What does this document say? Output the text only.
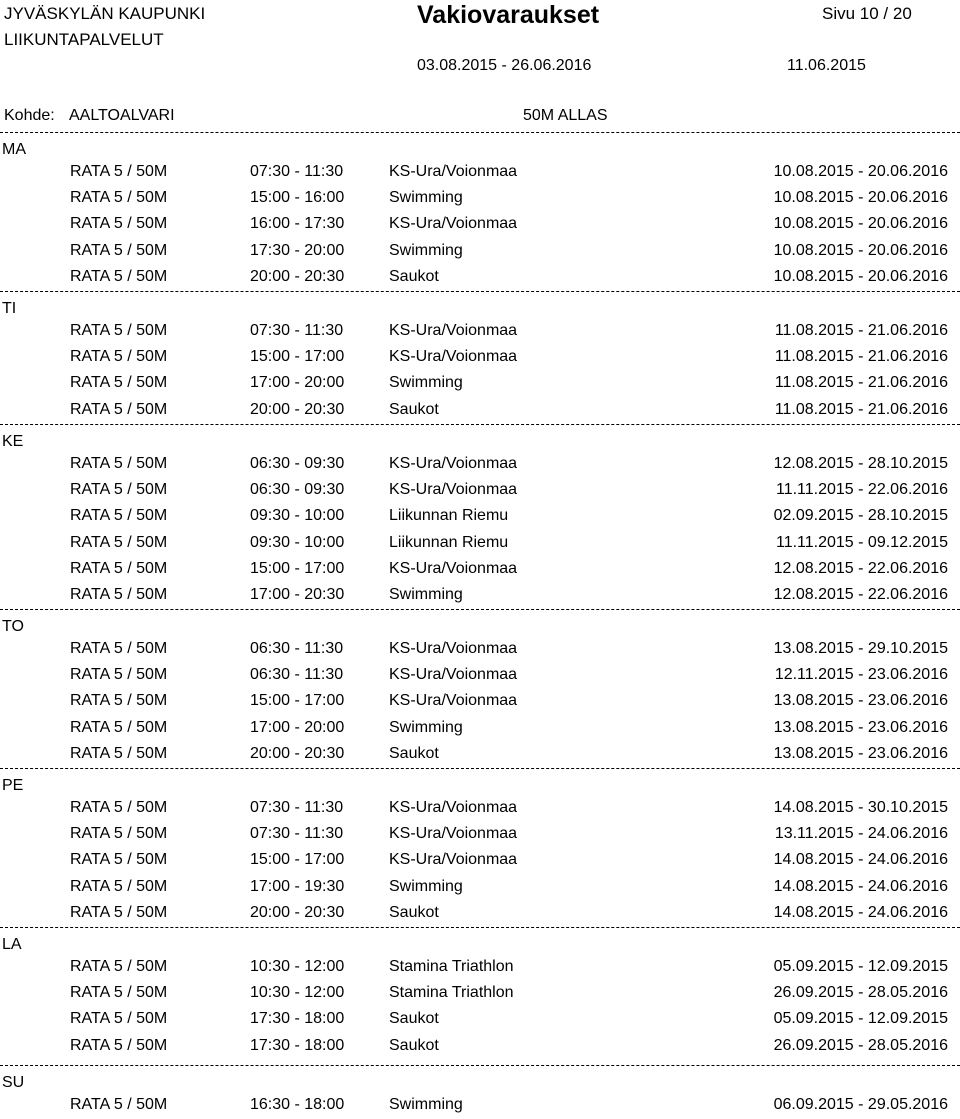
JYVÄSKYLÄN KAUPUNKI
LIIKUNTAPALVELUT
Vakiovaraukset	Sivu 10 / 20
03.08.2015 - 26.06.2016	11.06.2015
Kohde: AALTOALVARI	50M ALLAS
MA
RATA 5 / 50M	07:30 - 11:30	KS-Ura/Voionmaa	10.08.2015 - 20.06.2016
RATA 5 / 50M	15:00 - 16:00	Swimming	10.08.2015 - 20.06.2016
RATA 5 / 50M	16:00 - 17:30	KS-Ura/Voionmaa	10.08.2015 - 20.06.2016
RATA 5 / 50M	17:30 - 20:00	Swimming	10.08.2015 - 20.06.2016
RATA 5 / 50M	20:00 - 20:30	Saukot	10.08.2015 - 20.06.2016
TI
RATA 5 / 50M	07:30 - 11:30	KS-Ura/Voionmaa	11.08.2015 - 21.06.2016
RATA 5 / 50M	15:00 - 17:00	KS-Ura/Voionmaa	11.08.2015 - 21.06.2016
RATA 5 / 50M	17:00 - 20:00	Swimming	11.08.2015 - 21.06.2016
RATA 5 / 50M	20:00 - 20:30	Saukot	11.08.2015 - 21.06.2016
KE
RATA 5 / 50M	06:30 - 09:30	KS-Ura/Voionmaa	12.08.2015 - 28.10.2015
RATA 5 / 50M	06:30 - 09:30	KS-Ura/Voionmaa	11.11.2015 - 22.06.2016
RATA 5 / 50M	09:30 - 10:00	Liikunnan Riemu	02.09.2015 - 28.10.2015
RATA 5 / 50M	09:30 - 10:00	Liikunnan Riemu	11.11.2015 - 09.12.2015
RATA 5 / 50M	15:00 - 17:00	KS-Ura/Voionmaa	12.08.2015 - 22.06.2016
RATA 5 / 50M	17:00 - 20:30	Swimming	12.08.2015 - 22.06.2016
TO
RATA 5 / 50M	06:30 - 11:30	KS-Ura/Voionmaa	13.08.2015 - 29.10.2015
RATA 5 / 50M	06:30 - 11:30	KS-Ura/Voionmaa	12.11.2015 - 23.06.2016
RATA 5 / 50M	15:00 - 17:00	KS-Ura/Voionmaa	13.08.2015 - 23.06.2016
RATA 5 / 50M	17:00 - 20:00	Swimming	13.08.2015 - 23.06.2016
RATA 5 / 50M	20:00 - 20:30	Saukot	13.08.2015 - 23.06.2016
PE
RATA 5 / 50M	07:30 - 11:30	KS-Ura/Voionmaa	14.08.2015 - 30.10.2015
RATA 5 / 50M	07:30 - 11:30	KS-Ura/Voionmaa	13.11.2015 - 24.06.2016
RATA 5 / 50M	15:00 - 17:00	KS-Ura/Voionmaa	14.08.2015 - 24.06.2016
RATA 5 / 50M	17:00 - 19:30	Swimming	14.08.2015 - 24.06.2016
RATA 5 / 50M	20:00 - 20:30	Saukot	14.08.2015 - 24.06.2016
LA
RATA 5 / 50M	10:30 - 12:00	Stamina Triathlon	05.09.2015 - 12.09.2015
RATA 5 / 50M	10:30 - 12:00	Stamina Triathlon	26.09.2015 - 28.05.2016
RATA 5 / 50M	17:30 - 18:00	Saukot	05.09.2015 - 12.09.2015
RATA 5 / 50M	17:30 - 18:00	Saukot	26.09.2015 - 28.05.2016
SU
RATA 5 / 50M	16:30 - 18:00	Swimming	06.09.2015 - 29.05.2016
